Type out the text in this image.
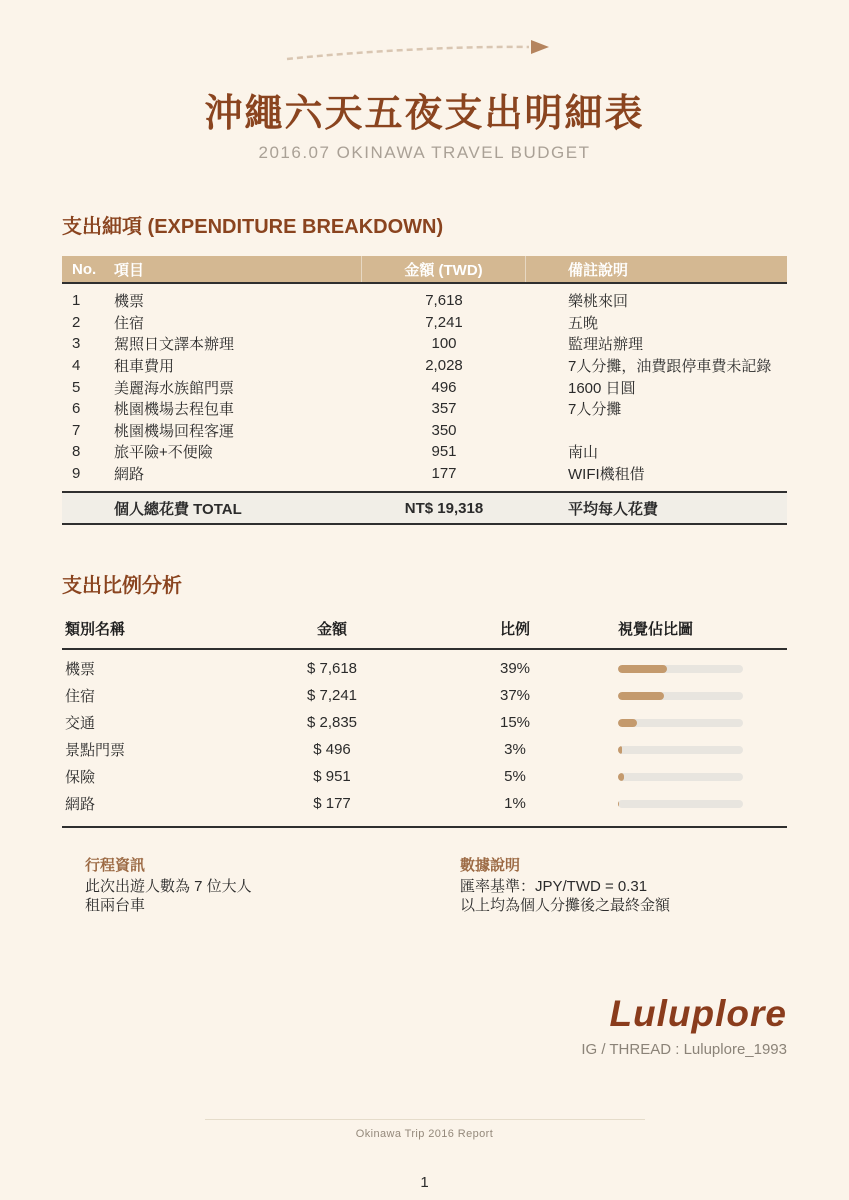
沖繩六天五夜支出明細表
2016.07 OKINAWA TRAVEL BUDGET
支出細項 (EXPENDITURE BREAKDOWN)
No.	項目	金額 (TWD)	備註說明
1	機票	7,618	樂桃來回
2	住宿	7,241	五晚
3	駕照日文譯本辦理	100	監理站辦理
4	租車費用	2,028	7人分攤，油費跟停車費未記錄
5	美麗海水族館門票	496	1600 日圓
6	桃園機場去程包車	357	7人分攤
7	桃園機場回程客運	350
8	旅平險+不便險	951	南山
9	網路	177	WIFI機租借
個人總花費 TOTAL	NT$ 19,318	平均每人花費
支出比例分析
類別名稱	金額	比例	視覺佔比圖
機票	$ 7,618	39%
住宿	$ 7,241	37%
交通	$ 2,835	15%
景點門票	$ 496	3%
保險	$ 951	5%
網路	$ 177	1%
行程資訊
此次出遊人數為 7 位大人
租兩台車
數據說明
匯率基準：JPY/TWD = 0.31
以上均為個人分攤後之最終金額
Luluplore
IG / THREAD : Luluplore_1993
Okinawa Trip 2016 Report
1
